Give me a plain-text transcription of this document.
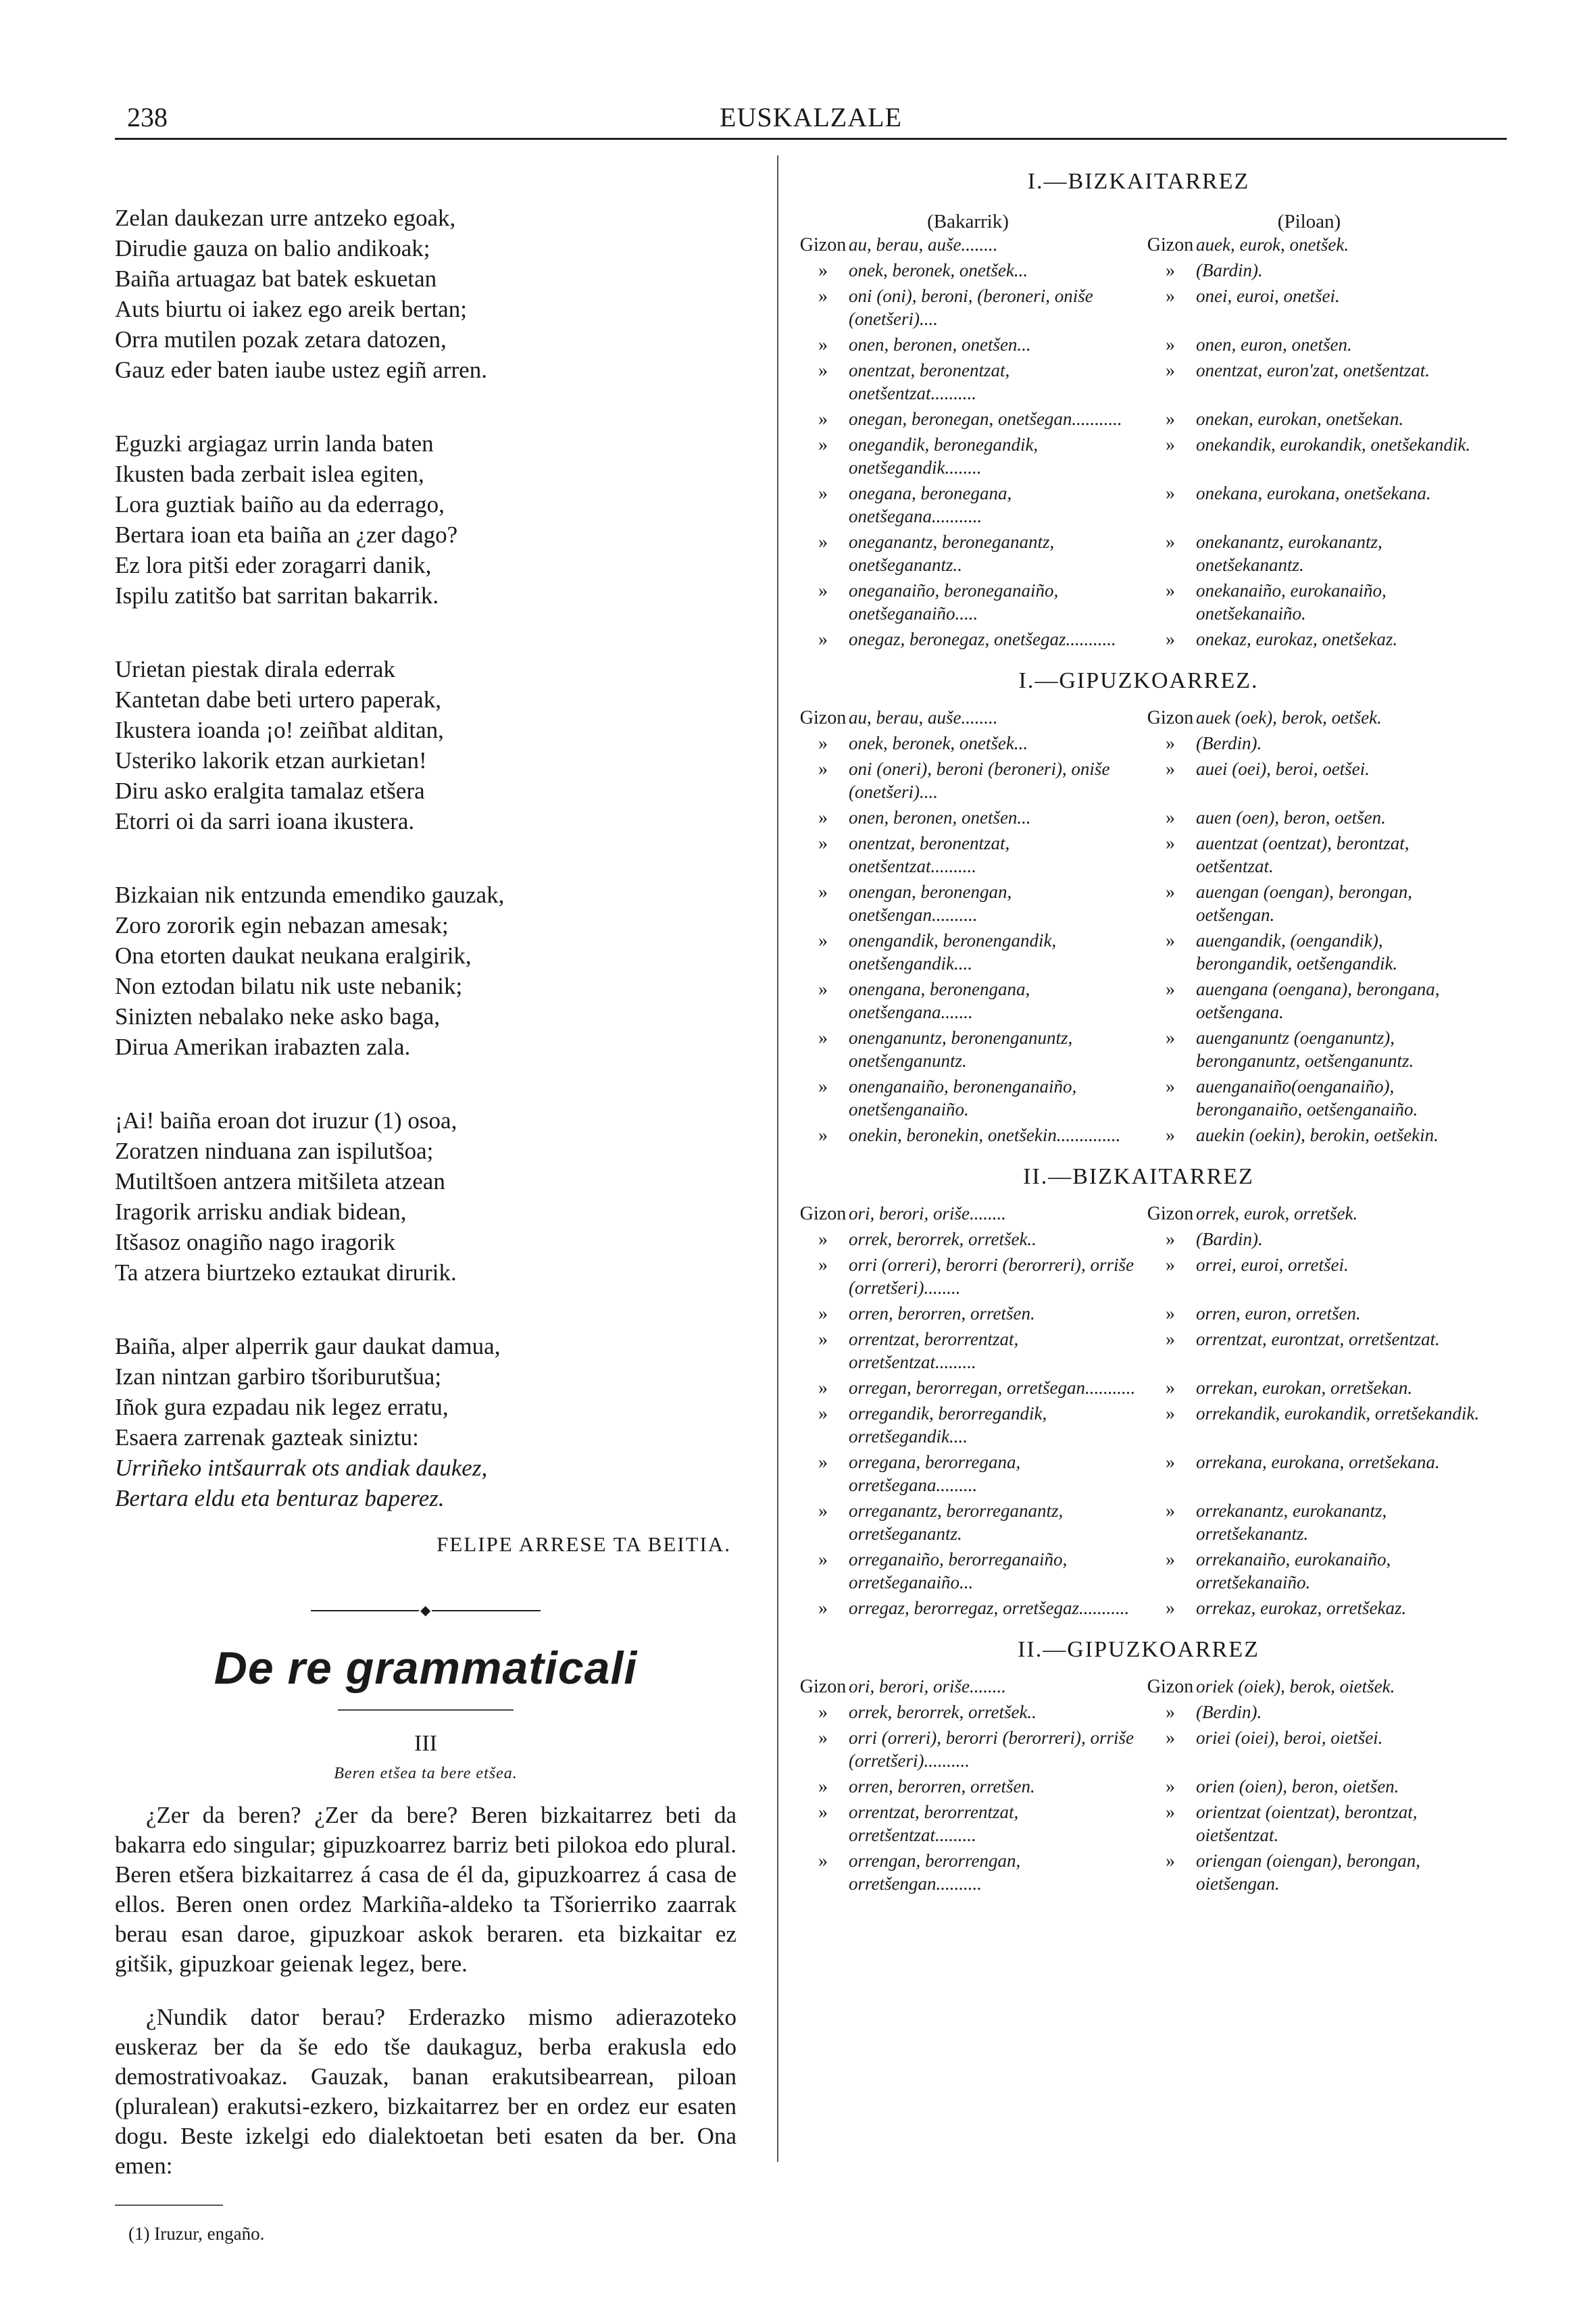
238	EUSKALZALE
Zelan daukezan urre antzeko egoak,
Dirudie gauza on balio andikoak;
Baiña artuagaz bat batek eskuetan
Auts biurtu oi iakez ego areik bertan;
Orra mutilen pozak zetara datozen,
Gauz eder baten iaube ustez egiñ arren.
Eguzki argiagaz urrin landa baten
Ikusten bada zerbait islea egiten,
Lora guztiak baiño au da ederrago,
Bertara ioan eta baiña an ¿zer dago?
Ez lora pitši eder zoragarri danik,
Ispilu zatitšo bat sarritan bakarrik.
Urietan piestak dirala ederrak
Kantetan dabe beti urtero paperak,
Ikustera ioanda ¡o! zeiñbat alditan,
Usteriko lakorik etzan aurkietan!
Diru asko eralgita tamalaz etšera
Etorri oi da sarri ioana ikustera.
Bizkaian nik entzunda emendiko gauzak,
Zoro zororik egin nebazan amesak;
Ona etorten daukat neukana eralgirik,
Non eztodan bilatu nik uste nebanik;
Sinizten nebalako neke asko baga,
Dirua Amerikan irabazten zala.
¡Ai! baiña eroan dot iruzur (1) osoa,
Zoratzen ninduana zan ispilutšoa;
Mutiltšoen antzera mitšileta atzean
Iragorik arrisku andiak bidean,
Itšasoz onagiño nago iragorik
Ta atzera biurtzeko eztaukat dirurik.
Baiña, alper alperrik gaur daukat damua,
Izan nintzan garbiro tšoriburutšua;
Iñok gura ezpadau nik legez erratu,
Esaera zarrenak gazteak siniztu:
Urriñeko intšaurrak ots andiak daukez,
Bertara eldu eta benturaz baperez.
FELIPE ARRESE TA BEITIA.
◆
De re grammaticali
III
Beren etšea ta bere etšea.

¿Zer da beren? ¿Zer da bere? Beren bizkaitarrez beti da bakarra edo singular; gipuzkoarrez barriz beti pilokoa edo plural. Beren etšera bizkaitarrez á casa de él da, gipuzkoarrez á casa de ellos. Beren onen ordez Markiña-aldeko ta Tšorierriko zaarrak berau esan daroe, gipuzkoar askok beraren. eta bizkaitar ez gitšik, gipuzkoar geienak legez, bere.

¿Nundik dator berau? Erderazko mismo adierazoteko euskeraz ber da še edo tše daukaguz, berba erakusla edo demostrativoakaz. Gauzak, banan erakutsibearrean, piloan (pluralean) erakutsi-ezkero, bizkaitarrez ber en ordez eur esaten dogu. Beste izkelgi edo dialektoetan beti esaten da ber. Ona emen:

(1) Iruzur, engaño.
I.—BIZKAITARREZ
(Bakarrik)	(Piloan)
Gizon	au, berau, auše........	Gizon	auek, eurok, onetšek.
»	onek, beronek, onetšek...	»	(Bardin).
»	oni (oni), beroni, (beroneri, oniše (onetšeri)....	»	onei, euroi, onetšei.
»	onen, beronen, onetšen...	»	onen, euron, onetšen.
»	onentzat, beronentzat, onetšentzat..........	»	onentzat, euron'zat, onetšentzat.
»	onegan, beronegan, onetšegan...........	»	onekan, eurokan, onetšekan.
»	onegandik, beronegandik, onetšegandik........	»	onekandik, eurokandik, onetšekandik.
»	onegana, beronegana, onetšegana...........	»	onekana, eurokana, onetšekana.
»	oneganantz, beroneganantz, onetšeganantz..	»	onekanantz, eurokanantz, onetšekanantz.
»	oneganaiño, beroneganaiño, onetšeganaiño.....	»	onekanaiño, eurokanaiño, onetšekanaiño.
»	onegaz, beronegaz, onetšegaz...........	»	onekaz, eurokaz, onetšekaz.
I.—GIPUZKOARREZ.
Gizon	au, berau, auše........	Gizon	auek (oek), berok, oetšek.
»	onek, beronek, onetšek...	»	(Berdin).
»	oni (oneri), beroni (beroneri), oniše (onetšeri)....	»	auei (oei), beroi, oetšei.
»	onen, beronen, onetšen...	»	auen (oen), beron, oetšen.
»	onentzat, beronentzat, onetšentzat..........	»	auentzat (oentzat), berontzat, oetšentzat.
»	onengan, beronengan, onetšengan..........	»	auengan (oengan), berongan, oetšengan.
»	onengandik, beronengandik, onetšengandik....	»	auengandik, (oengandik), berongandik, oetšengandik.
»	onengana, beronengana, onetšengana.......	»	auengana (oengana), berongana, oetšengana.
»	onenganuntz, beronenganuntz, onetšenganuntz.	»	auenganuntz (oenganuntz), beronganuntz, oetšenganuntz.
»	onenganaiño, beronenganaiño, onetšenganaiño.	»	auenganaiño(oenganaiño), beronganaiño, oetšenganaiño.
»	onekin, beronekin, onetšekin..............	»	auekin (oekin), berokin, oetšekin.
II.—BIZKAITARREZ
Gizon	ori, berori, oriše........	Gizon	orrek, eurok, orretšek.
»	orrek, berorrek, orretšek..	»	(Bardin).
»	orri (orreri), berorri (berorreri), orriše (orretšeri)........	»	orrei, euroi, orretšei.
»	orren, berorren, orretšen.	»	orren, euron, orretšen.
»	orrentzat, berorrentzat, orretšentzat.........	»	orrentzat, eurontzat, orretšentzat.
»	orregan, berorregan, orretšegan...........	»	orrekan, eurokan, orretšekan.
»	orregandik, berorregandik, orretšegandik....	»	orrekandik, eurokandik, orretšekandik.
»	orregana, berorregana, orretšegana.........	»	orrekana, eurokana, orretšekana.
»	orreganantz, berorreganantz, orretšeganantz.	»	orrekanantz, eurokanantz, orretšekanantz.
»	orreganaiño, berorreganaiño, orretšeganaiño...	»	orrekanaiño, eurokanaiño, orretšekanaiño.
»	orregaz, berorregaz, orretšegaz...........	»	orrekaz, eurokaz, orretšekaz.
II.—GIPUZKOARREZ
Gizon	ori, berori, oriše........	Gizon	oriek (oiek), berok, oietšek.
»	orrek, berorrek, orretšek..	»	(Berdin).
»	orri (orreri), berorri (berorreri), orriše (orretšeri)..........	»	oriei (oiei), beroi, oietšei.
»	orren, berorren, orretšen.	»	orien (oien), beron, oietšen.
»	orrentzat, berorrentzat, orretšentzat.........	»	orientzat (oientzat), berontzat, oietšentzat.
»	orrengan, berorrengan, orretšengan..........	»	oriengan (oiengan), berongan, oietšengan.
